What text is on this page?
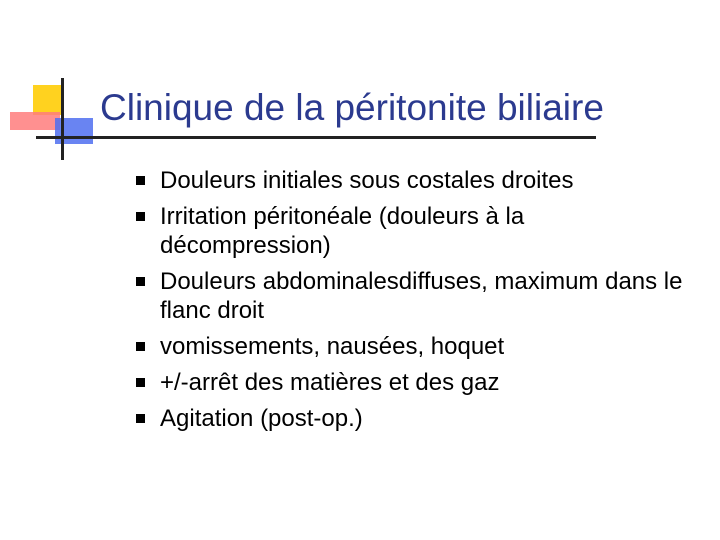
Clinique de la péritonite biliaire
Douleurs initiales sous costales droites
Irritation péritonéale (douleurs à la décompression)
Douleurs abdominalesdiffuses, maximum dans le flanc droit
vomissements, nausées, hoquet
+/-arrêt des matières et des gaz
Agitation (post-op.)
